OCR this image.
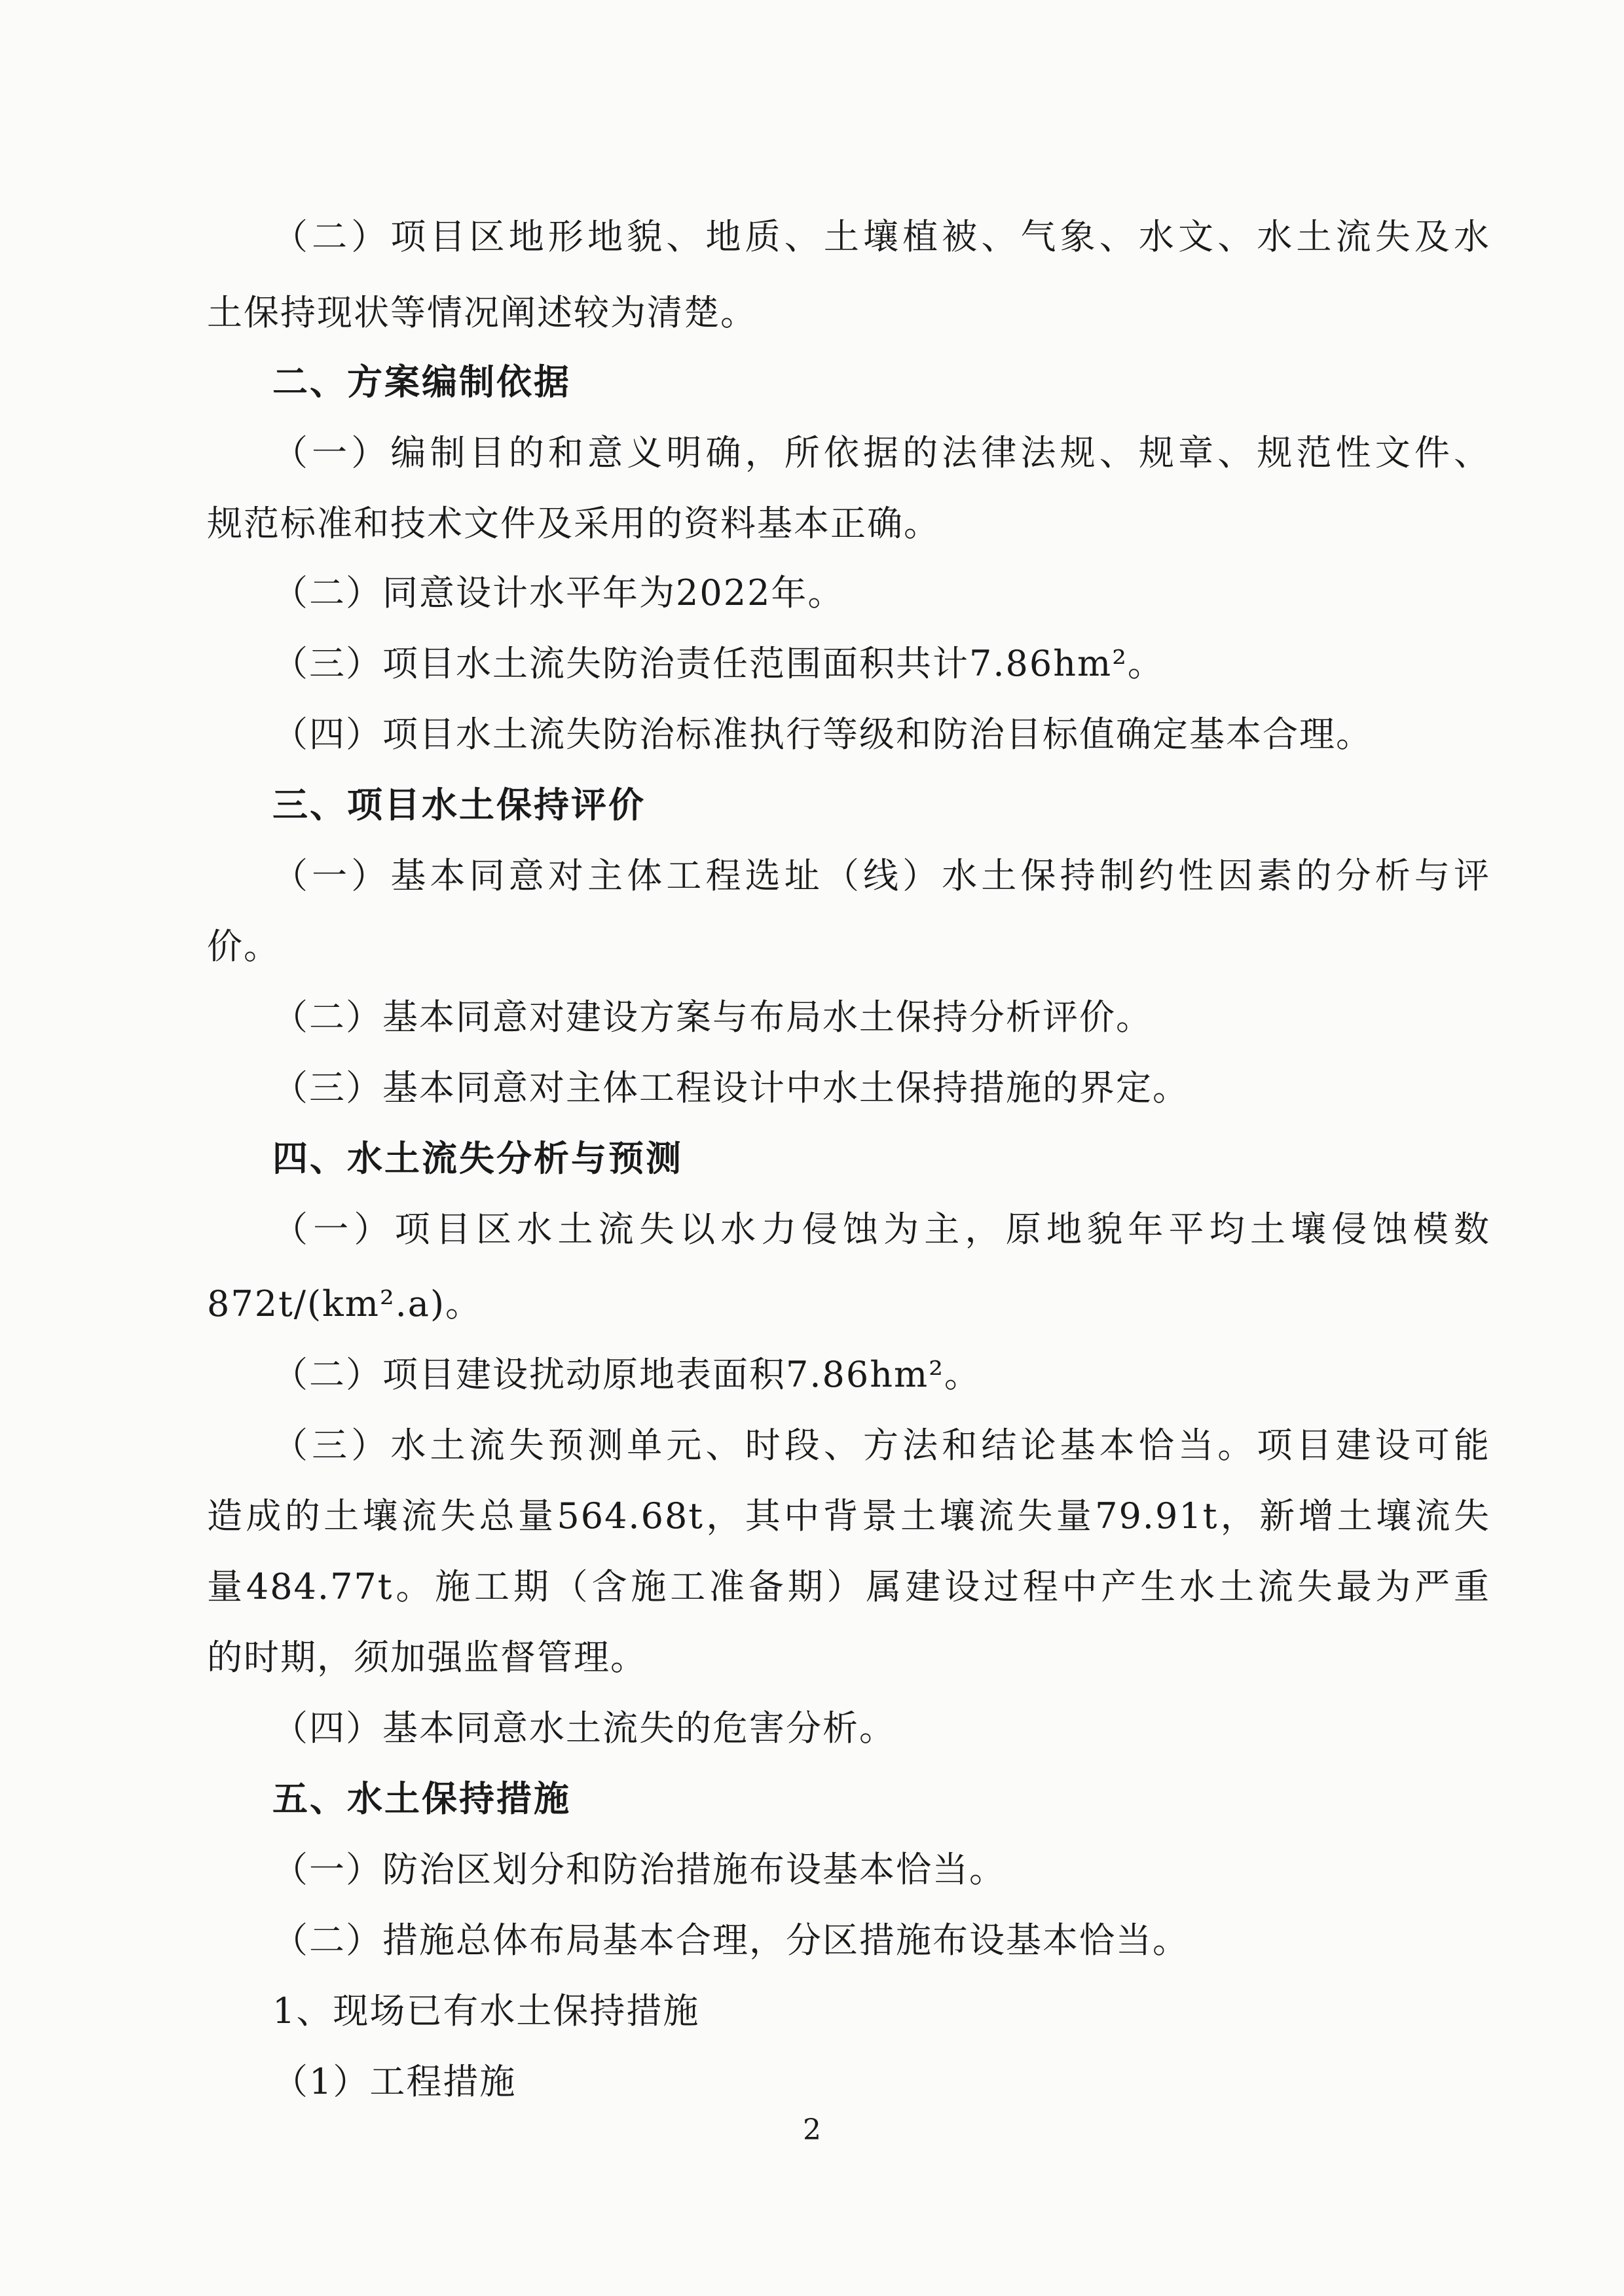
（二）项目区地形地貌、地质、土壤植被、气象、水文、水土流失及水
土保持现状等情况阐述较为清楚。
二、方案编制依据
（一）编制目的和意义明确，所依据的法律法规、规章、规范性文件、
规范标准和技术文件及采用的资料基本正确。
（二）同意设计水平年为2022年。
（三）项目水土流失防治责任范围面积共计7.86hm²。
（四）项目水土流失防治标准执行等级和防治目标值确定基本合理。
三、项目水土保持评价
（一）基本同意对主体工程选址（线）水土保持制约性因素的分析与评
价。
（二）基本同意对建设方案与布局水土保持分析评价。
（三）基本同意对主体工程设计中水土保持措施的界定。
四、水土流失分析与预测
（一）项目区水土流失以水力侵蚀为主，原地貌年平均土壤侵蚀模数
872t/(km².a)。
（二）项目建设扰动原地表面积7.86hm²。
（三）水土流失预测单元、时段、方法和结论基本恰当。项目建设可能
造成的土壤流失总量564.68t，其中背景土壤流失量79.91t，新增土壤流失
量484.77t。施工期（含施工准备期）属建设过程中产生水土流失最为严重
的时期，须加强监督管理。
（四）基本同意水土流失的危害分析。
五、水土保持措施
（一）防治区划分和防治措施布设基本恰当。
（二）措施总体布局基本合理，分区措施布设基本恰当。
1、现场已有水土保持措施
（1）工程措施
2
